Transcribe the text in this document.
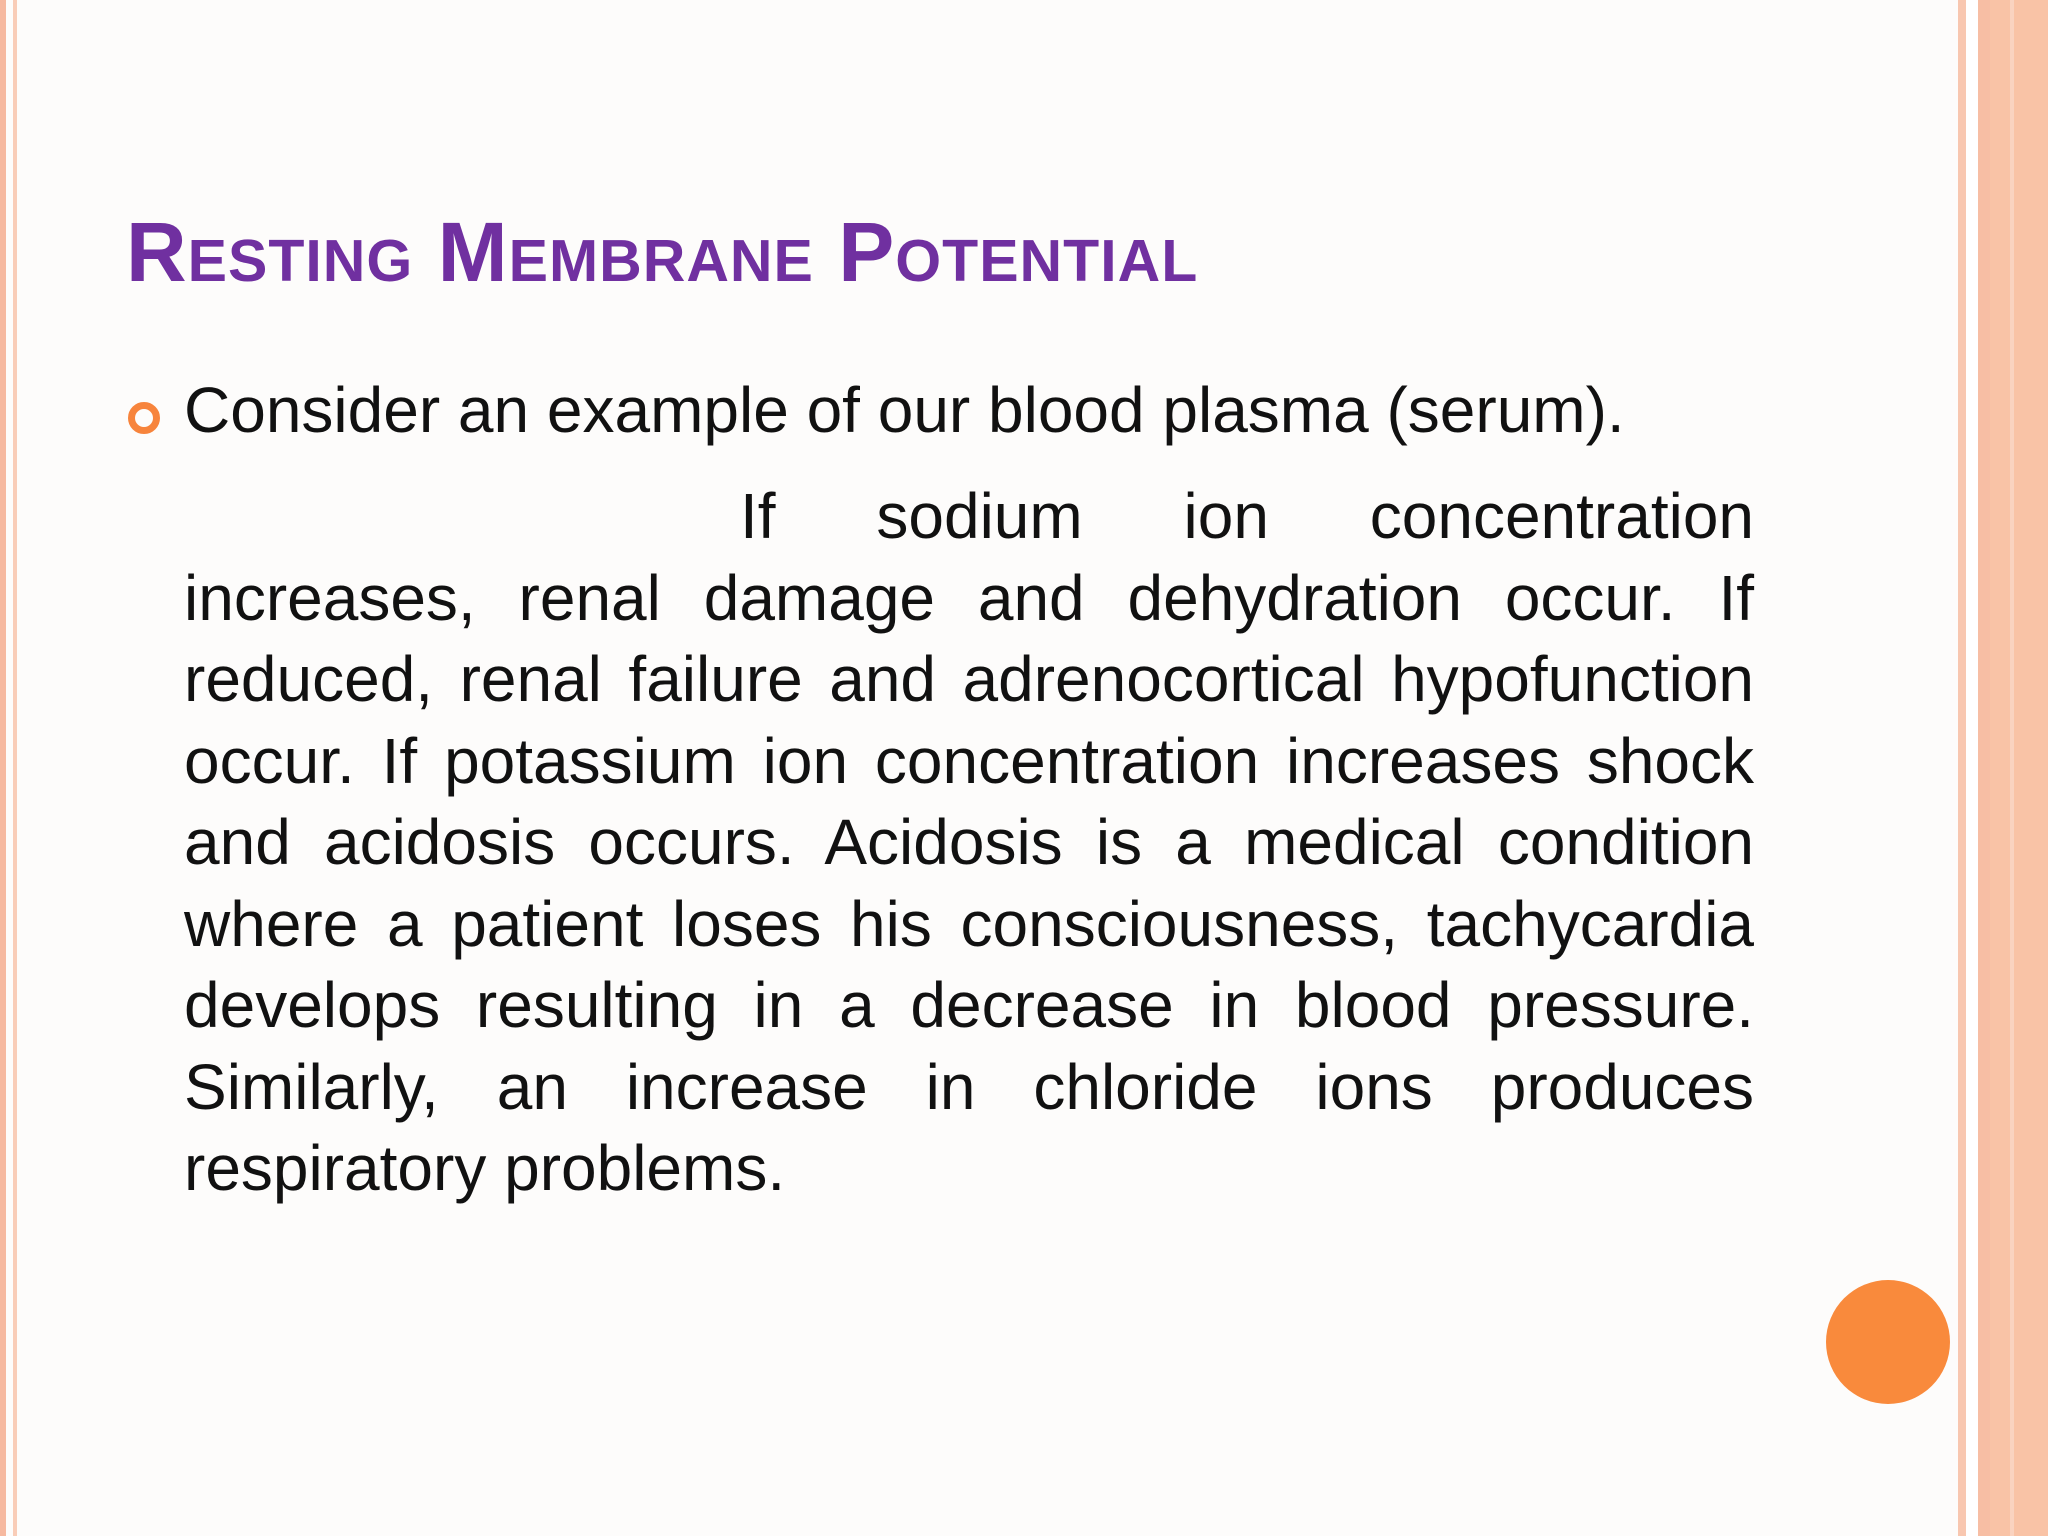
Resting Membrane Potential
Consider an example of our blood plasma (serum).
If sodium ion concentration increases, renal damage and dehydration occur. If reduced, renal failure and adrenocortical hypofunction occur. If potassium ion concentration increases shock and acidosis occurs. Acidosis is a medical condition where a patient loses his consciousness, tachycardia develops resulting in a decrease in blood pressure. Similarly, an increase in chloride ions produces respiratory problems.
